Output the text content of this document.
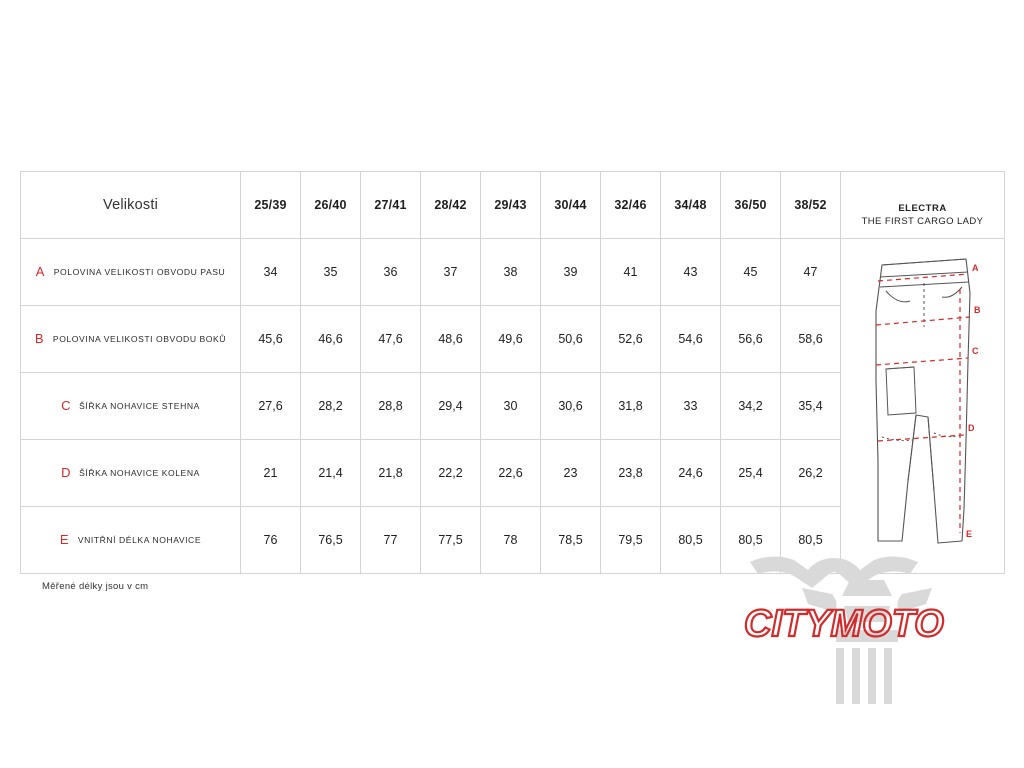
Velikosti	25/39	26/40	27/41	28/42	29/43	30/44	32/46	34/48	36/50	38/52	ELECTRA
THE FIRST CARGO LADY

A POLOVINA VELIKOSTI OBVODU PASU	34	35	36	37	38	39	41	43	45	47	A
B
C
D
E

B POLOVINA VELIKOSTI OBVODU BOKŮ	45,6	46,6	47,6	48,6	49,6	50,6	52,6	54,6	56,6	58,6	
C ŠÍŘKA NOHAVICE STEHNA	27,6	28,2	28,8	29,4	30	30,6	31,8	33	34,2	35,4	
D ŠÍŘKA NOHAVICE KOLENA	21	21,4	21,8	22,2	22,6	23	23,8	24,6	25,4	26,2	
E VNITŘNÍ DÉLKA NOHAVICE	76	76,5	77	77,5	78	78,5	79,5	80,5	80,5	80,5	
Měřené délky jsou v cm
CITYMOTO
